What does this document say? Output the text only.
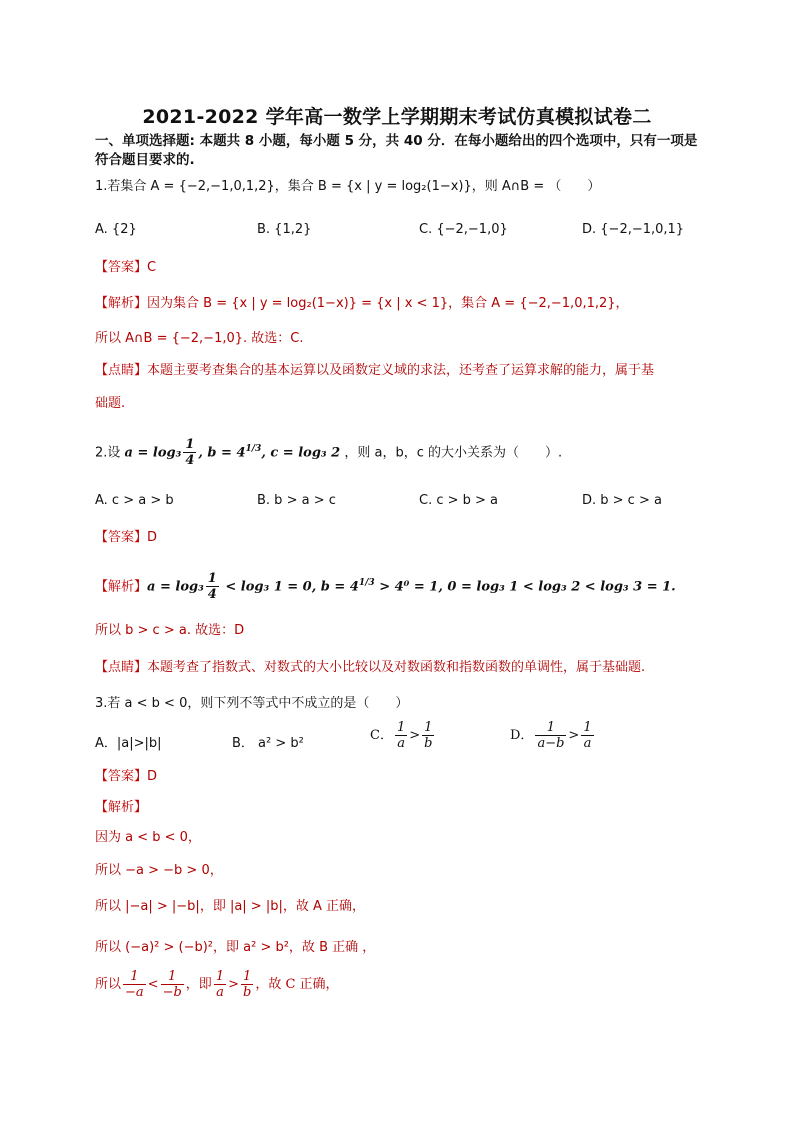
2021-2022 学年高一数学上学期期末考试仿真模拟试卷二
一、单项选择题: 本题共 8 小题，每小题 5 分，共 40 分．在每小题给出的四个选项中，只有一项是
符合题目要求的.
1.若集合 A = {−2,−1,0,1,2}，集合 B = {x | y = log₂(1−x)}，则 A∩B = （　　）
A. {2}	B. {1,2}	C. {−2,−1,0}	D. {−2,−1,0,1}
【答案】C
【解析】因为集合 B = {x | y = log₂(1−x)} = {x | x < 1}，集合 A = {−2,−1,0,1,2}，
所以 A∩B = {−2,−1,0}. 故选：C.
【点睛】本题主要考查集合的基本运算以及函数定义域的求法，还考查了运算求解的能力，属于基
础题.
2.设 $a = \log_3 \frac{1}{4}$ , $b = 4^{1/3}$, c = log₃ 2 ，则 a，b，c 的大小关系为（　　）.
A. c > a > b	B. b > a > c	C. c > b > a	D. b > c > a
【答案】D
【解析】$a = \log_3 \frac{1}{4} < \log_3$ 1 = 0, $b = 4^{1/3} > 4^0 = 1$, 0 = log₃ 1 < log₃ 2 < log₃ 3 = 1.
所以 b > c > a. 故选：D
【点睛】本题考查了指数式、对数式的大小比较以及对数函数和指数函数的单调性，属于基础题.
3.若 a < b < 0，则下列不等式中不成立的是（　　）
A．|a|>|b|	B． a² > b²
C． $\frac{1}{a} > \frac{1}{b}$	D． $\frac{1}{a-b} > \frac{1}{a}$
【答案】D
【解析】
因为 a < b < 0，
所以 −a > −b > 0，
所以 |−a| > |−b|，即 |a| > |b|，故 A 正确，
所以 (−a)² > (−b)²，即 a² > b²，故 B 正确 ，
所以 $\frac{1}{-a} < \frac{1}{-b}$ ，即 $\frac{1}{a} > \frac{1}{b}$ ，故 C 正确，
